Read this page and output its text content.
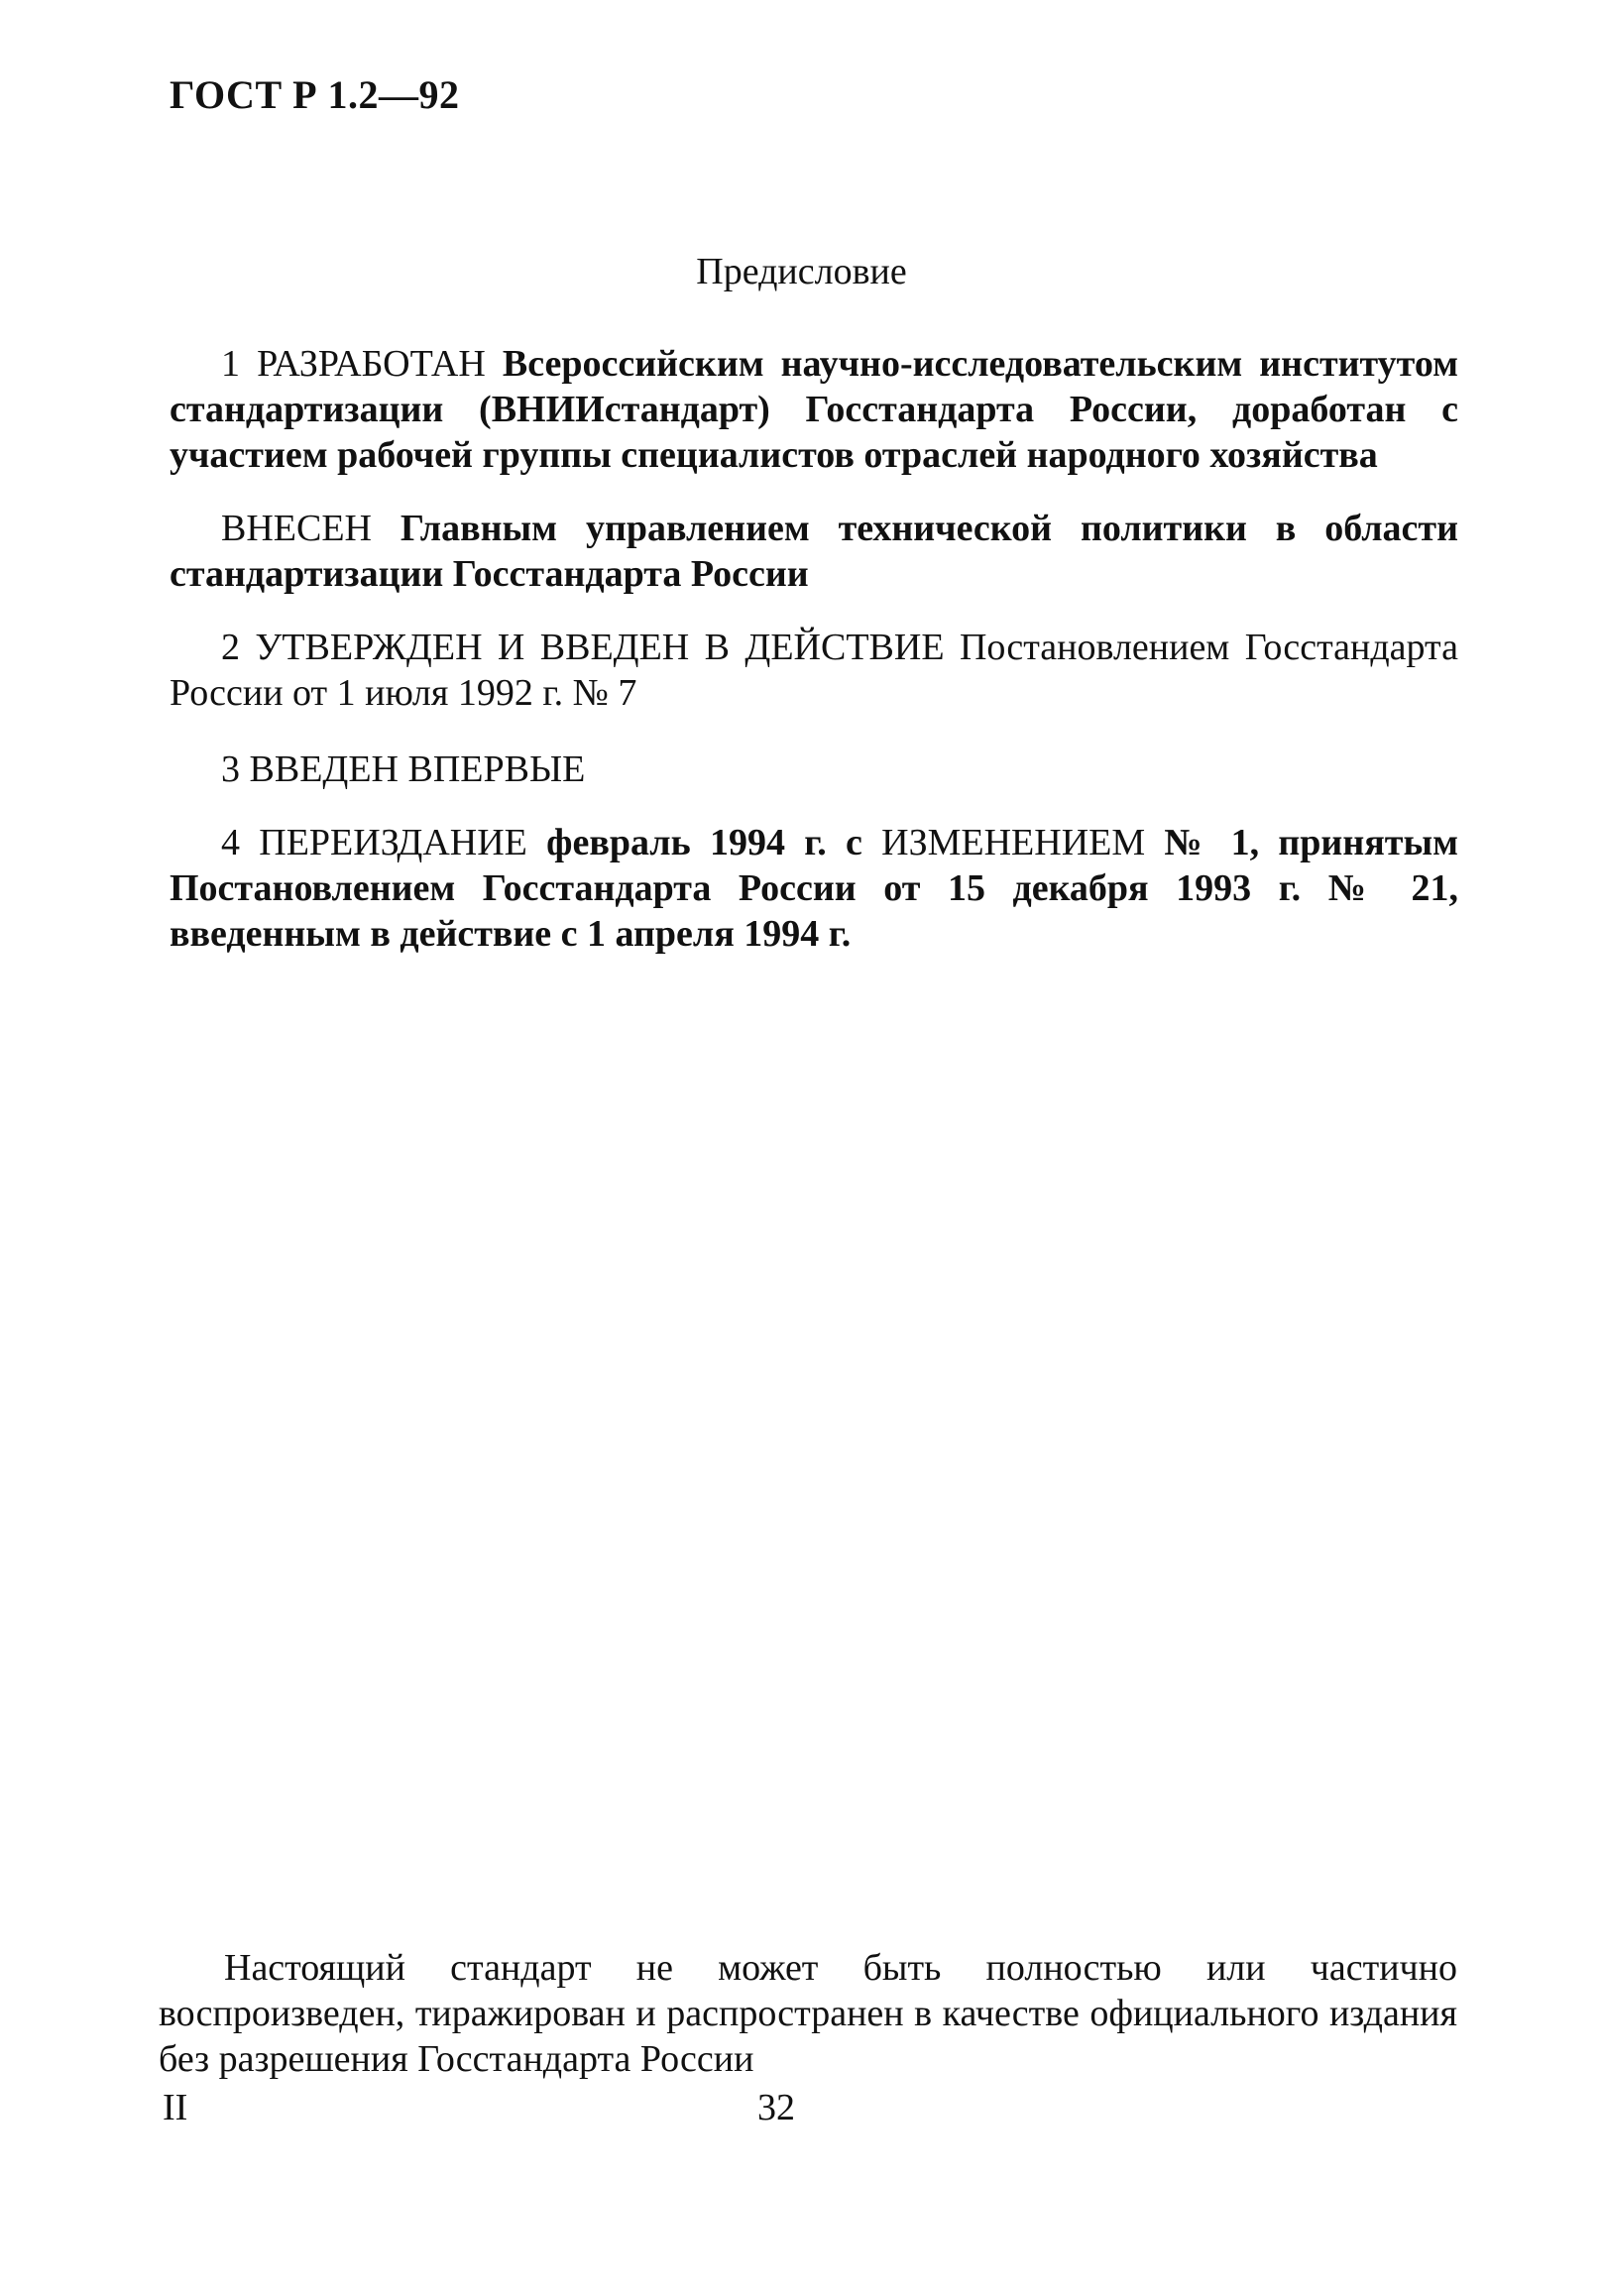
ГОСТ Р 1.2—92
Предисловие

1 РАЗРАБОТАН Всероссийским научно-исследовательским институтом стандартизации (ВНИИстандарт) Госстандарта России, доработан с участием рабочей группы специалистов отраслей народного хозяйства

ВНЕСЕН Главным управлением технической политики в области стандартизации Госстандарта России

2 УТВЕРЖДЕН И ВВЕДЕН В ДЕЙСТВИЕ Постановлением Госстандарта России от 1 июля 1992 г. № 7

3 ВВЕДЕН ВПЕРВЫЕ

4 ПЕРЕИЗДАНИЕ февраль 1994 г. с ИЗМЕНЕНИЕМ № 1, принятым Постановлением Госстандарта России от 15 декабря 1993 г. № 21, введенным в действие с 1 апреля 1994 г.

Настоящий стандарт не может быть полностью или частично воспроизведен, тиражирован и распространен в качестве официального издания без разрешения Госстандарта России

II	32
